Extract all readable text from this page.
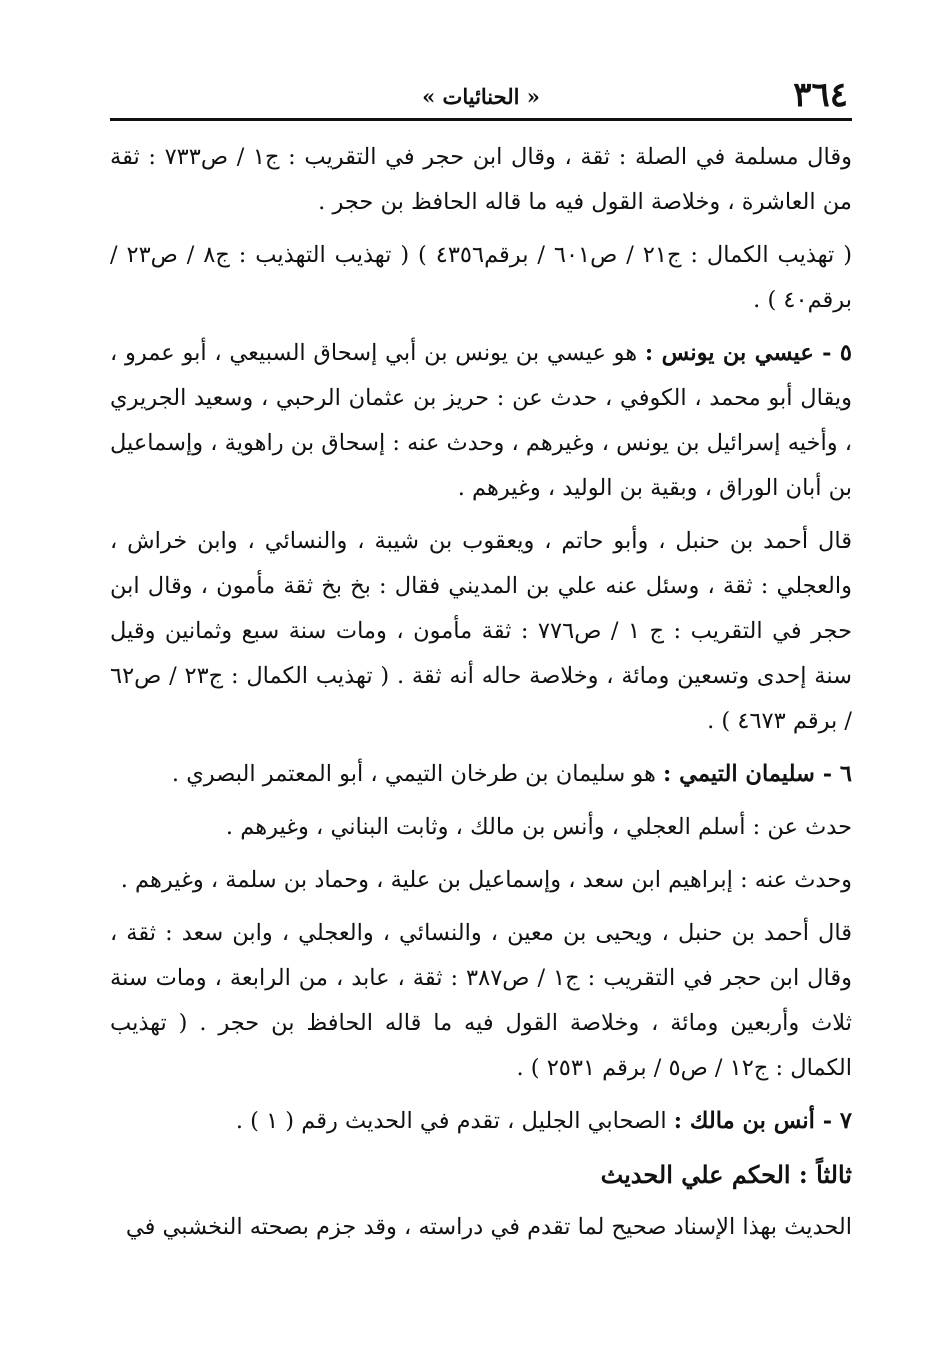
٣٦٤
« الحنائيات »

وقال مسلمة في الصلة : ثقة ، وقال ابن حجر في التقريب : ج١ / ص٧٣٣ : ثقة من العاشرة ، وخلاصة القول فيه ما قاله الحافظ بن حجر .

( تهذيب الكمال : ج٢١ / ص٦٠١ / برقم٤٣٥٦ ) ( تهذيب التهذيب : ج٨ / ص٢٣ / برقم٤٠ ) .

٥ - عيسي بن يونس : هو عيسي بن يونس بن أبي إسحاق السبيعي ، أبو عمرو ، ويقال أبو محمد ، الكوفي ، حدث عن : حريز بن عثمان الرحبي ، وسعيد الجريري ، وأخيه إسرائيل بن يونس ، وغيرهم ، وحدث عنه : إسحاق بن راهوية ، وإسماعيل بن أبان الوراق ، وبقية بن الوليد ، وغيرهم .

قال أحمد بن حنبل ، وأبو حاتم ، ويعقوب بن شيبة ، والنسائي ، وابن خراش ، والعجلي : ثقة ، وسئل عنه علي بن المديني فقال : بخ بخ ثقة مأمون ، وقال ابن حجر في التقريب : ج ١ / ص٧٧٦ : ثقة مأمون ، ومات سنة سبع وثمانين وقيل سنة إحدى وتسعين ومائة ، وخلاصة حاله أنه ثقة . ( تهذيب الكمال : ج٢٣ / ص٦٢ / برقم ٤٦٧٣ ) .

٦ - سليمان التيمي : هو سليمان بن طرخان التيمي ، أبو المعتمر البصري .

حدث عن : أسلم العجلي ، وأنس بن مالك ، وثابت البناني ، وغيرهم .

وحدث عنه : إبراهيم ابن سعد ، وإسماعيل بن علية ، وحماد بن سلمة ، وغيرهم .

قال أحمد بن حنبل ، ويحيى بن معين ، والنسائي ، والعجلي ، وابن سعد : ثقة ، وقال ابن حجر في التقريب : ج١ / ص٣٨٧ : ثقة ، عابد ، من الرابعة ، ومات سنة ثلاث وأربعين ومائة ، وخلاصة القول فيه ما قاله الحافظ بن حجر . ( تهذيب الكمال : ج١٢ / ص٥ / برقم ٢٥٣١ ) .

٧ - أنس بن مالك : الصحابي الجليل ، تقدم في الحديث رقم ( ١ ) .

ثالثاً : الحكم علي الحديث

الحديث بهذا الإسناد صحيح لما تقدم في دراسته ، وقد جزم بصحته النخشبي في
